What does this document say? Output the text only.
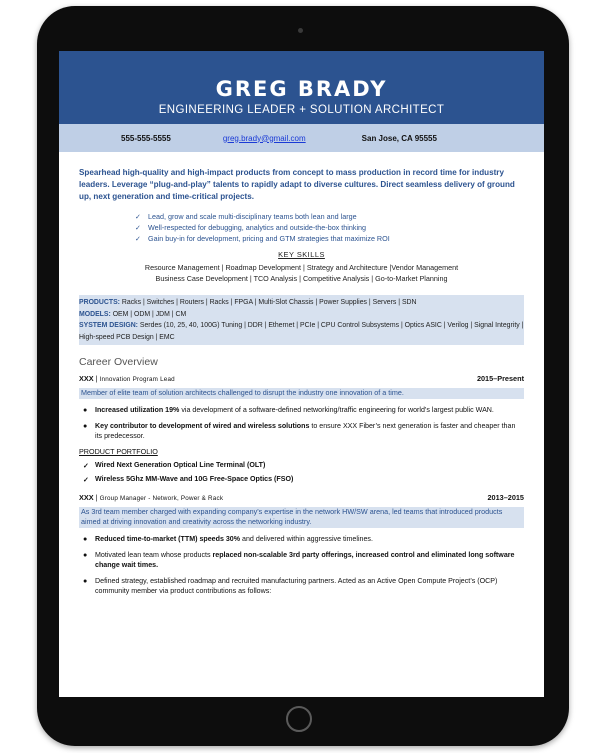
GREG BRADY
ENGINEERING LEADER + SOLUTION ARCHITECT
555-555-5555	greg.brady@gmail.com	San Jose, CA 95555
Spearhead high-quality and high-impact products from concept to mass production in record time for industry leaders. Leverage “plug-and-play” talents to rapidly adapt to diverse cultures. Direct seamless delivery of ground up, next generation and time-critical projects.
✓ Lead, grow and scale multi-disciplinary teams both lean and large
✓ Well-respected for debugging, analytics and outside-the-box thinking
✓ Gain buy-in for development, pricing and GTM strategies that maximize ROI
KEY SKILLS
Resource Management | Roadmap Development | Strategy and Architecture |Vendor Management
Business Case Development | TCO Analysis | Competitive Analysis | Go-to-Market Planning
PRODUCTS: Racks | Switches | Routers | Racks | FPGA | Multi-Slot Chassis | Power Supplies | Servers | SDN
MODELS: OEM | ODM | JDM | CM
SYSTEM DESIGN: Serdes (10, 25, 40, 100G) Tuning | DDR | Ethernet | PCIe | CPU Control Subsystems | Optics ASIC | Verilog | Signal Integrity | High-speed PCB Design | EMC
Career Overview
XXX | Innovation Program Lead	2015–Present
Member of elite team of solution architects challenged to disrupt the industry one innovation of a time.
●	Increased utilization 19% via development of a software-defined networking/traffic engineering for world’s largest public WAN.
●	Key contributor to development of wired and wireless solutions to ensure XXX Fiber’s next generation is faster and cheaper than its predecessor.
PRODUCT PORTFOLIO
✓ Wired Next Generation Optical Line Terminal (OLT)
✓ Wireless 5Ghz MM-Wave and 10G Free-Space Optics (FSO)
XXX | Group Manager - Network, Power & Rack	2013–2015
As 3rd team member charged with expanding company’s expertise in the network HW/SW arena, led teams that introduced products aimed at driving innovation and creativity across the networking industry.
●	Reduced time-to-market (TTM) speeds 30% and delivered within aggressive timelines.
●	Motivated lean team whose products replaced non-scalable 3rd party offerings, increased control and eliminated long software change wait times.
●	Defined strategy, established roadmap and recruited manufacturing partners. Acted as an Active Open Compute Project’s (OCP) community member via product contributions as follows:
